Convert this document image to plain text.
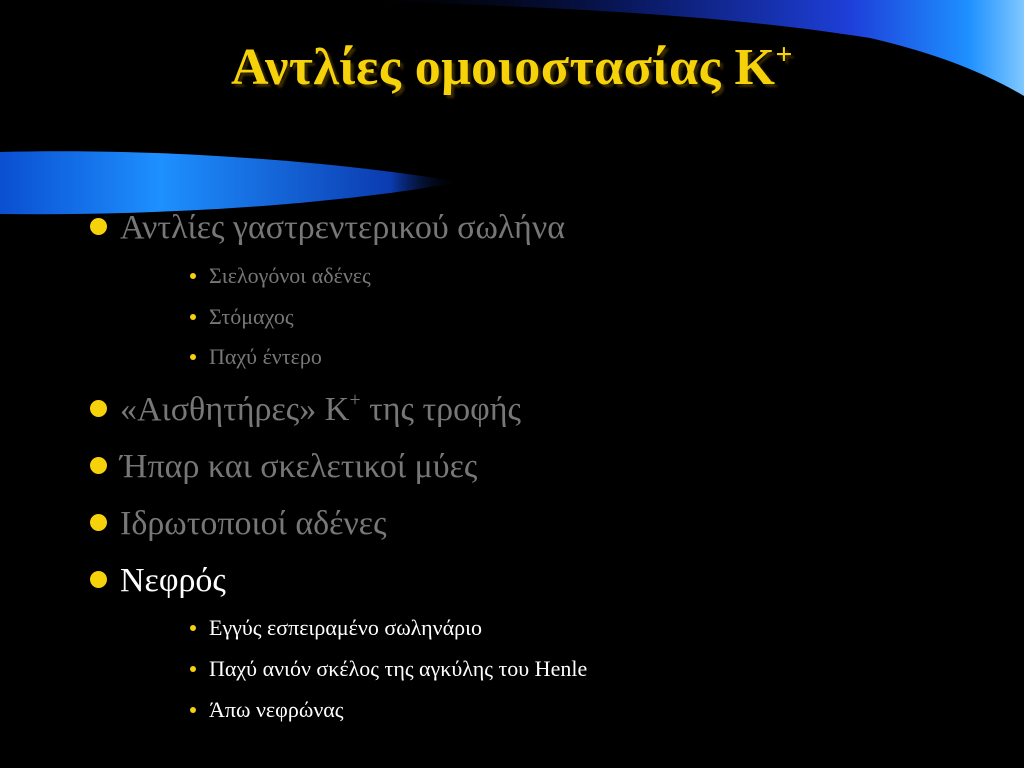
Αντλίες ομοιοστασίας K+
Αντλίες γαστρεντερικού σωλήνα
Σιελογόνοι αδένες
Στόμαχος
Παχύ έντερο
«Αισθητήρες» K+ της τροφής
Ήπαρ και σκελετικοί μύες
Ιδρωτοποιοί αδένες
Νεφρός
Εγγύς εσπειραμένο σωληνάριο
Παχύ ανιόν σκέλος της αγκύλης του Henle
Άπω νεφρώνας
